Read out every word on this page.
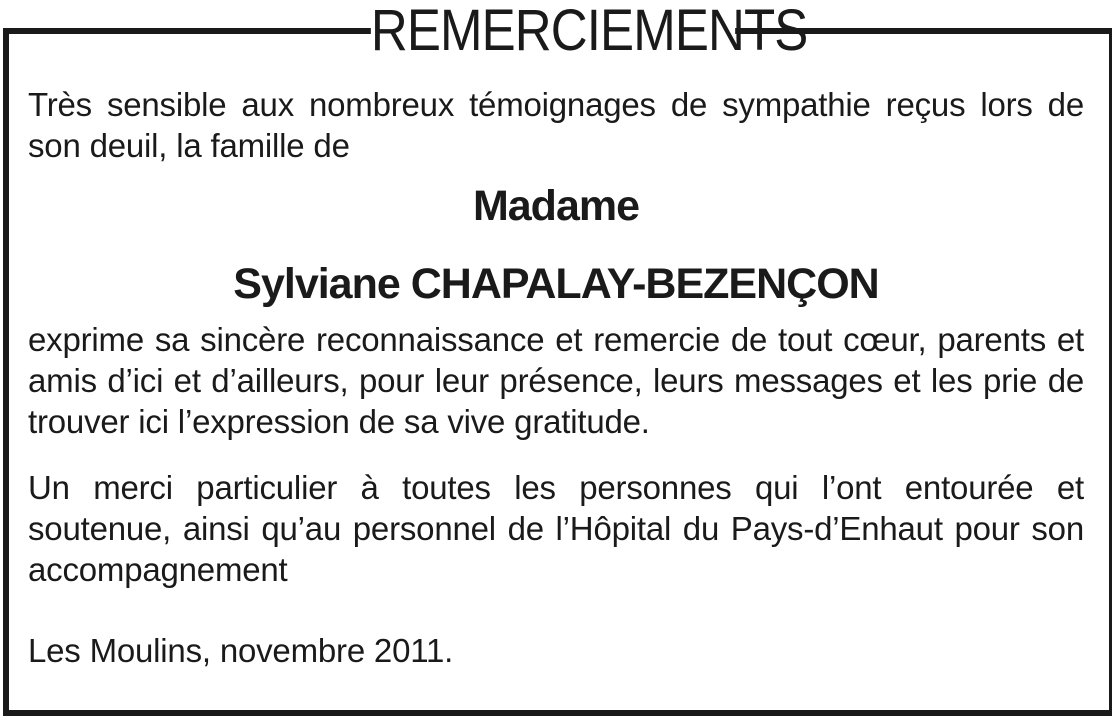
REMERCIEMENTS

Très sensible aux nombreux témoignages de sympathie reçus lors de son deuil, la famille de

Madame

Sylviane CHAPALAY-BEZENÇON

exprime sa sincère reconnaissance et remercie de tout cœur, parents et amis d’ici et d’ailleurs, pour leur présence, leurs messages et les prie de trouver ici l’expression de sa vive gratitude.

Un merci particulier à toutes les personnes qui l’ont entourée et soutenue, ainsi qu’au personnel de l’Hôpital du Pays-d’Enhaut pour son accompagnement

Les Moulins, novembre 2011.
